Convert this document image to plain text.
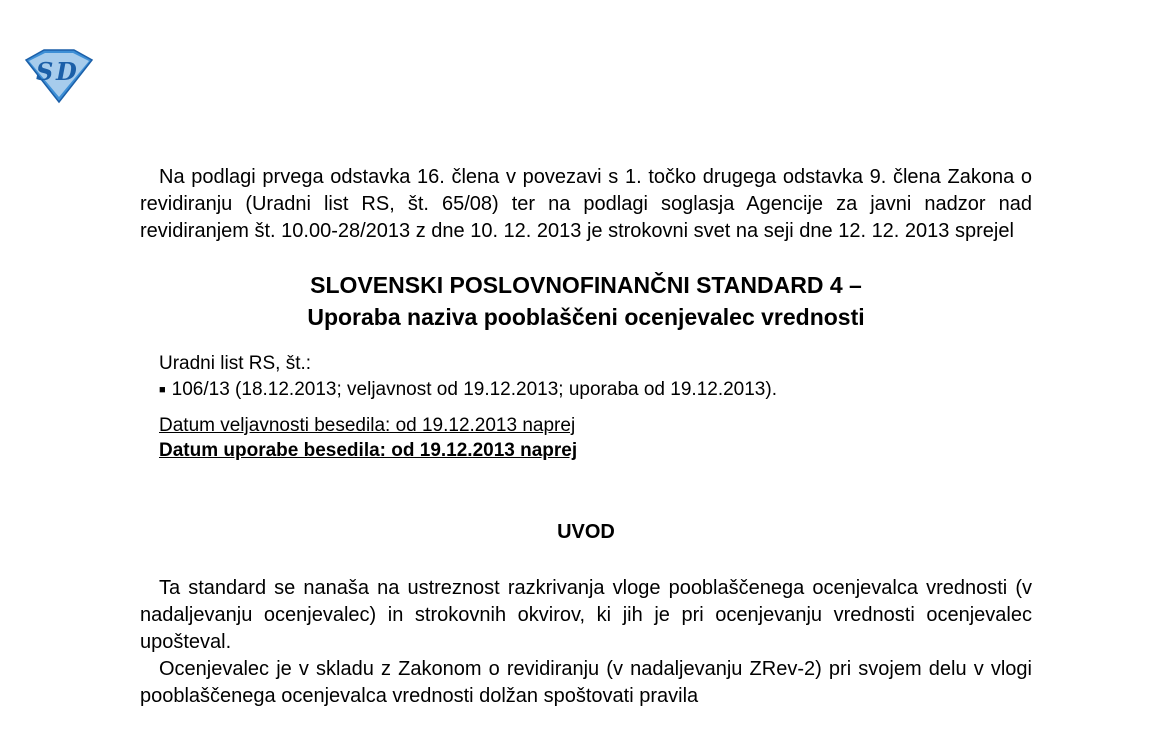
S D

Na podlagi prvega odstavka 16. člena v povezavi s 1. točko drugega odstavka 9. člena Zakona o revidiranju (Uradni list RS, št. 65/08) ter na podlagi soglasja Agencije za javni nadzor nad revidiranjem št. 10.00-28/2013 z dne 10. 12. 2013 je strokovni svet na seji dne 12. 12. 2013 sprejel

SLOVENSKI POSLOVNOFINANČNI STANDARD 4 –
Uporaba naziva pooblaščeni ocenjevalec vrednosti
Uradni list RS, št.:
■ 106/13 (18.12.2013; veljavnost od 19.12.2013; uporaba od 19.12.2013).
Datum veljavnosti besedila: od 19.12.2013 naprej
Datum uporabe besedila: od 19.12.2013 naprej
UVOD

Ta standard se nanaša na ustreznost razkrivanja vloge pooblaščenega ocenjevalca vrednosti (v nadaljevanju ocenjevalec) in strokovnih okvirov, ki jih je pri ocenjevanju vrednosti ocenjevalec upošteval.

Ocenjevalec je v skladu z Zakonom o revidiranju (v nadaljevanju ZRev-2) pri svojem delu v vlogi pooblaščenega ocenjevalca vrednosti dolžan spoštovati pravila
